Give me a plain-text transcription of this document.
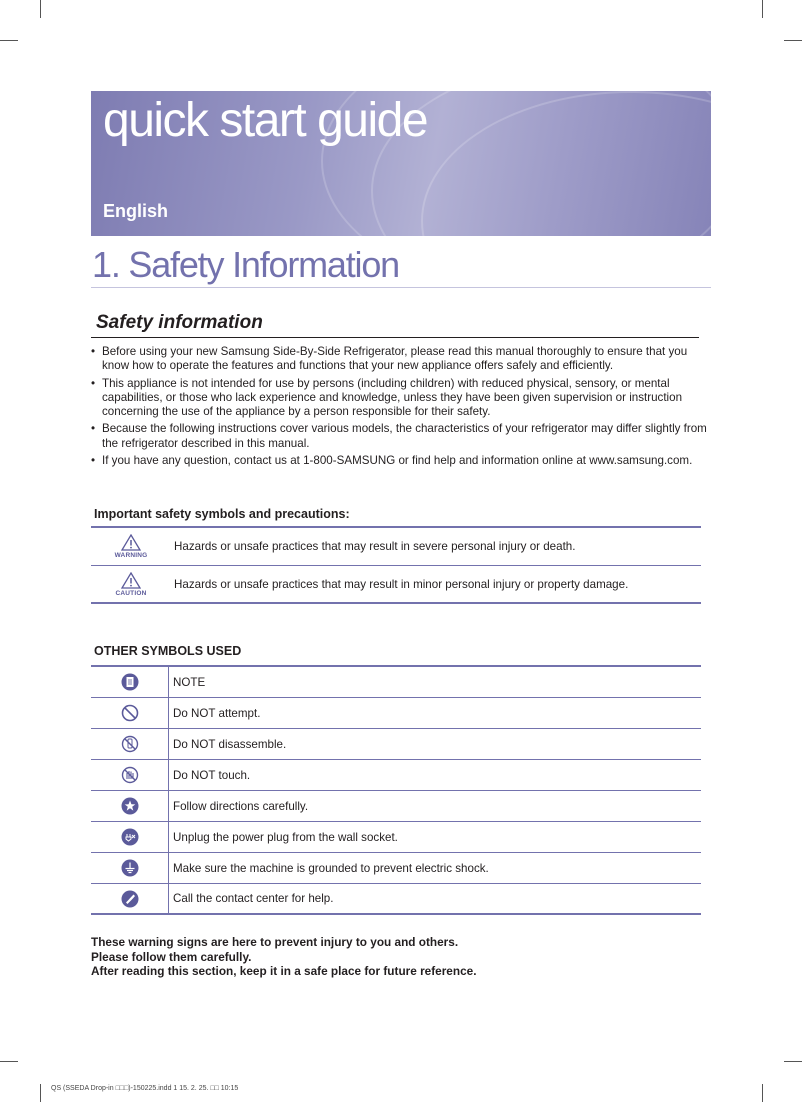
quick start guide
English
1. Safety Information
Safety information
• Before using your new Samsung Side-By-Side Refrigerator, please read this manual thoroughly to ensure that you know how to operate the features and functions that your new appliance offers safely and efficiently.
• This appliance is not intended for use by persons (including children) with reduced physical, sensory, or mental capabilities, or those who lack experience and knowledge, unless they have been given supervision or instruction concerning the use of the appliance by a person responsible for their safety.
• Because the following instructions cover various models, the characteristics of your refrigerator may differ slightly from the refrigerator described in this manual.
• If you have any question, contact us at 1-800-SAMSUNG or find help and information online at www.samsung.com.
Important safety symbols and precautions:
WARNING
Hazards or unsafe practices that may result in severe personal injury or death.
CAUTION
Hazards or unsafe practices that may result in minor personal injury or property damage.
OTHER SYMBOLS USED
NOTE
Do NOT attempt.
Do NOT disassemble.
Do NOT touch.
Follow directions carefully.
Unplug the power plug from the wall socket.
Make sure the machine is grounded to prevent electric shock.
Call the contact center for help.
These warning signs are here to prevent injury to you and others.
Please follow them carefully.
After reading this section, keep it in a safe place for future reference.
QS (SSEDA Drop-in □□□)-150225.indd 1 15. 2. 25. □□ 10:15
